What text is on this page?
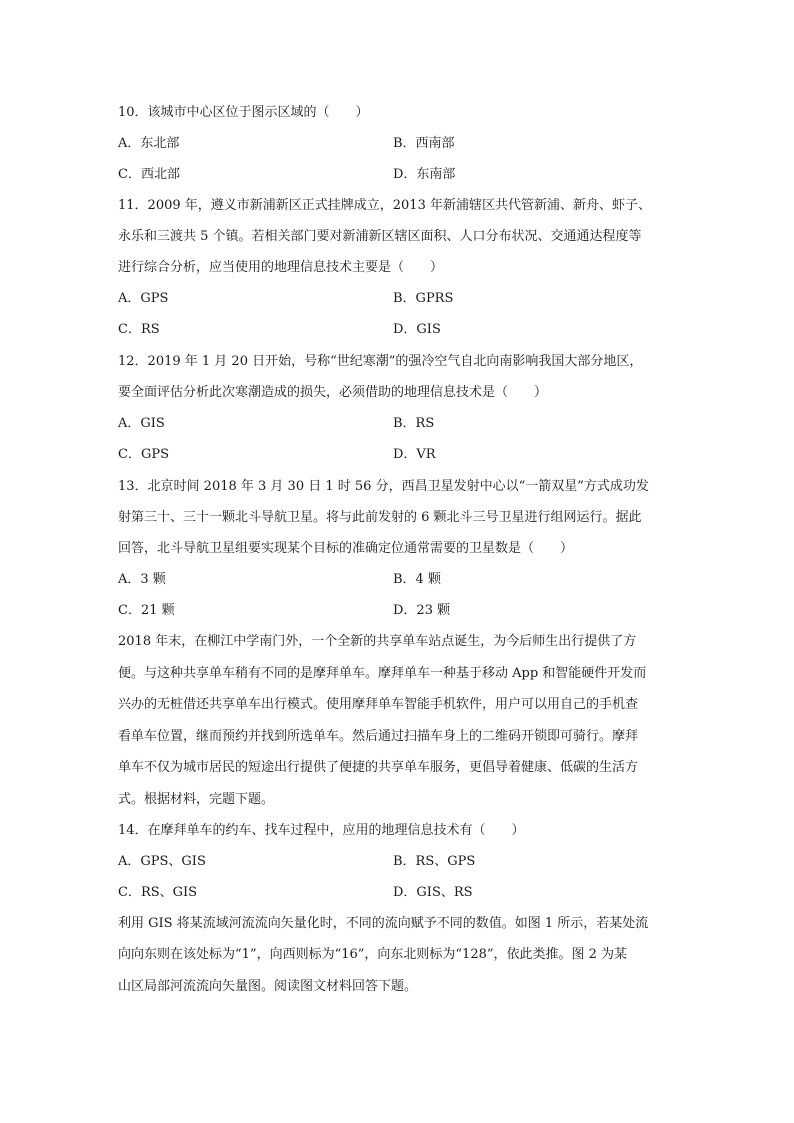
10．该城市中心区位于图示区域的（　　）
A．东北部	B．西南部
C．西北部	D．东南部
11．2009 年，遵义市新浦新区正式挂牌成立，2013 年新浦辖区共代管新浦、新舟、虾子、
永乐和三渡共 5 个镇。若相关部门要对新浦新区辖区面积、人口分布状况、交通通达程度等
进行综合分析，应当使用的地理信息技术主要是（　　）
A．GPS	B．GPRS
C．RS	D．GIS
12．2019 年 1 月 20 日开始，号称“世纪寒潮”的强冷空气自北向南影响我国大部分地区，
要全面评估分析此次寒潮造成的损失，必须借助的地理信息技术是（　　）
A．GIS	B．RS
C．GPS	D．VR
13．北京时间 2018 年 3 月 30 日 1 时 56 分，西昌卫星发射中心以“一箭双星”方式成功发
射第三十、三十一颗北斗导航卫星。将与此前发射的 6 颗北斗三号卫星进行组网运行。据此
回答，北斗导航卫星组要实现某个目标的准确定位通常需要的卫星数是（　　）
A．3 颗	B．4 颗
C．21 颗	D．23 颗
2018 年末，在柳江中学南门外，一个全新的共享单车站点诞生，为今后师生出行提供了方
便。与这种共享单车稍有不同的是摩拜单车。摩拜单车一种基于移动 App 和智能硬件开发而
兴办的无桩借还共享单车出行模式。使用摩拜单车智能手机软件，用户可以用自己的手机查
看单车位置，继而预约并找到所选单车。然后通过扫描车身上的二维码开锁即可骑行。摩拜
单车不仅为城市居民的短途出行提供了便捷的共享单车服务，更倡导着健康、低碳的生活方
式。根据材料，完题下题。
14．在摩拜单车的约车、找车过程中，应用的地理信息技术有（　　）
A．GPS、GIS	B．RS、GPS
C．RS、GIS	D．GIS、RS
利用 GIS 将某流域河流流向矢量化时，不同的流向赋予不同的数值。如图 1 所示，若某处流
向向东则在该处标为“1”，向西则标为“16”，向东北则标为“128”，依此类推。图 2 为某
山区局部河流流向矢量图。阅读图文材料回答下题。
